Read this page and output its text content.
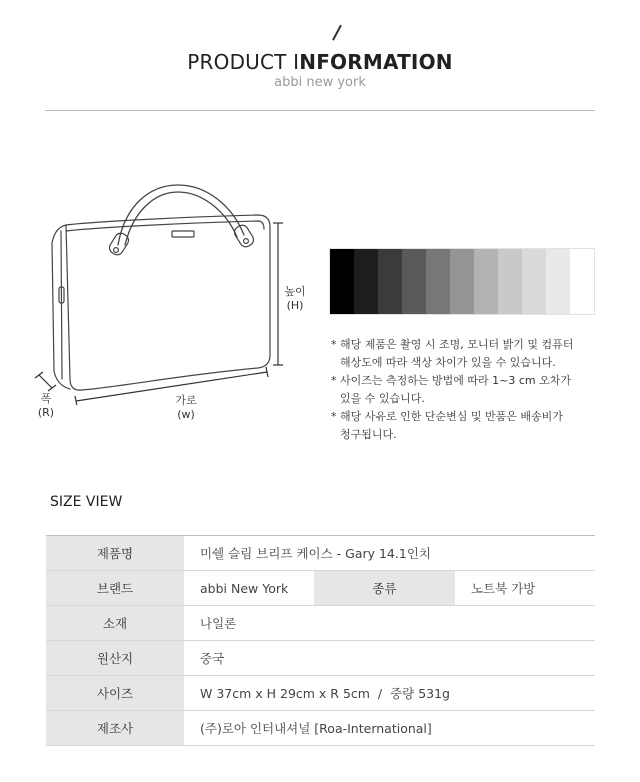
PRODUCT INFORMATION
abbi new york
높이
(H)
가로
(w)
폭
(R)
* 해당 제품은 촬영 시 조명, 모니터 밝기 및 컴퓨터
해상도에 따라 색상 차이가 있을 수 있습니다.
* 사이즈는 측정하는 방법에 따라 1~3 cm 오차가
있을 수 있습니다.
* 해당 사유로 인한 단순변심 및 반품은 배송비가
청구됩니다.
SIZE VIEW
제품명	미쉘 슬림 브리프 케이스 - Gary 14.1인치		
브랜드	abbi New York	종류	노트북 가방
소재	나일론		
원산지	중국		
사이즈	W 37cm x H 29cm x R 5cm  /  중량 531g		
제조사	(주)로아 인터내셔널 [Roa-International]		
